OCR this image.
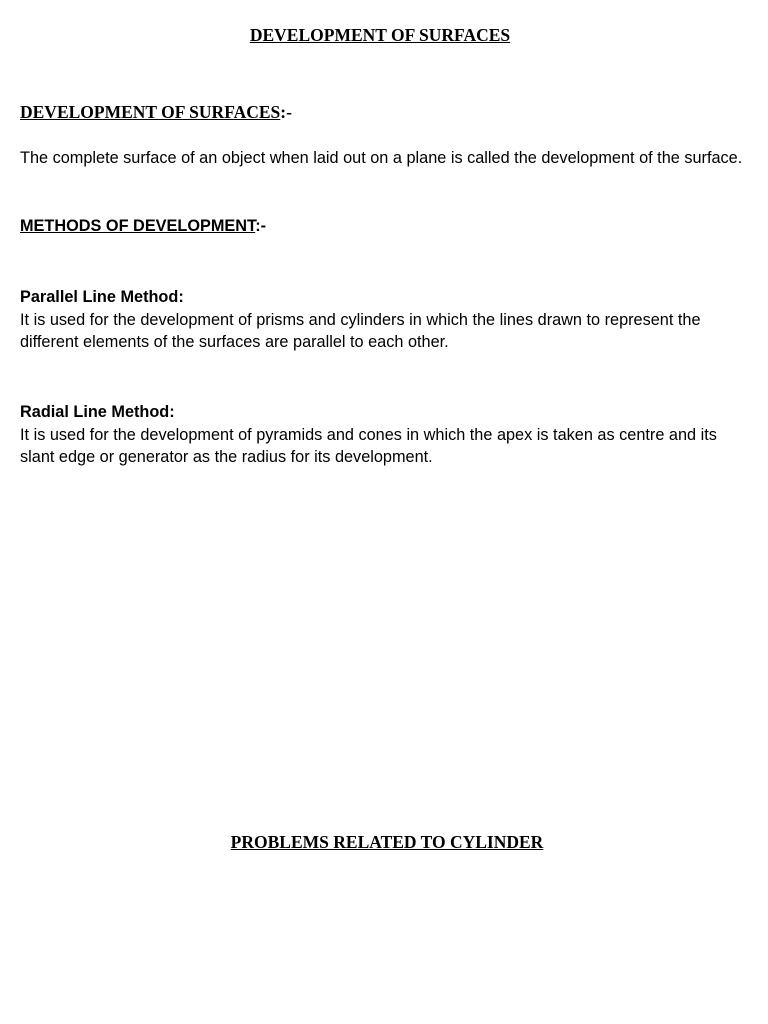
DEVELOPMENT OF SURFACES
DEVELOPMENT OF SURFACES:-

The complete surface of an object when laid out on a plane is called the development of the surface.

METHODS OF DEVELOPMENT:-
Parallel Line Method:
It is used for the development of prisms and cylinders in which the lines drawn to represent the different elements of the surfaces are parallel to each other.
Radial Line Method:
It is used for the development of pyramids and cones in which the apex is taken as centre and its slant edge or generator as the radius for its development.
PROBLEMS RELATED TO CYLINDER
